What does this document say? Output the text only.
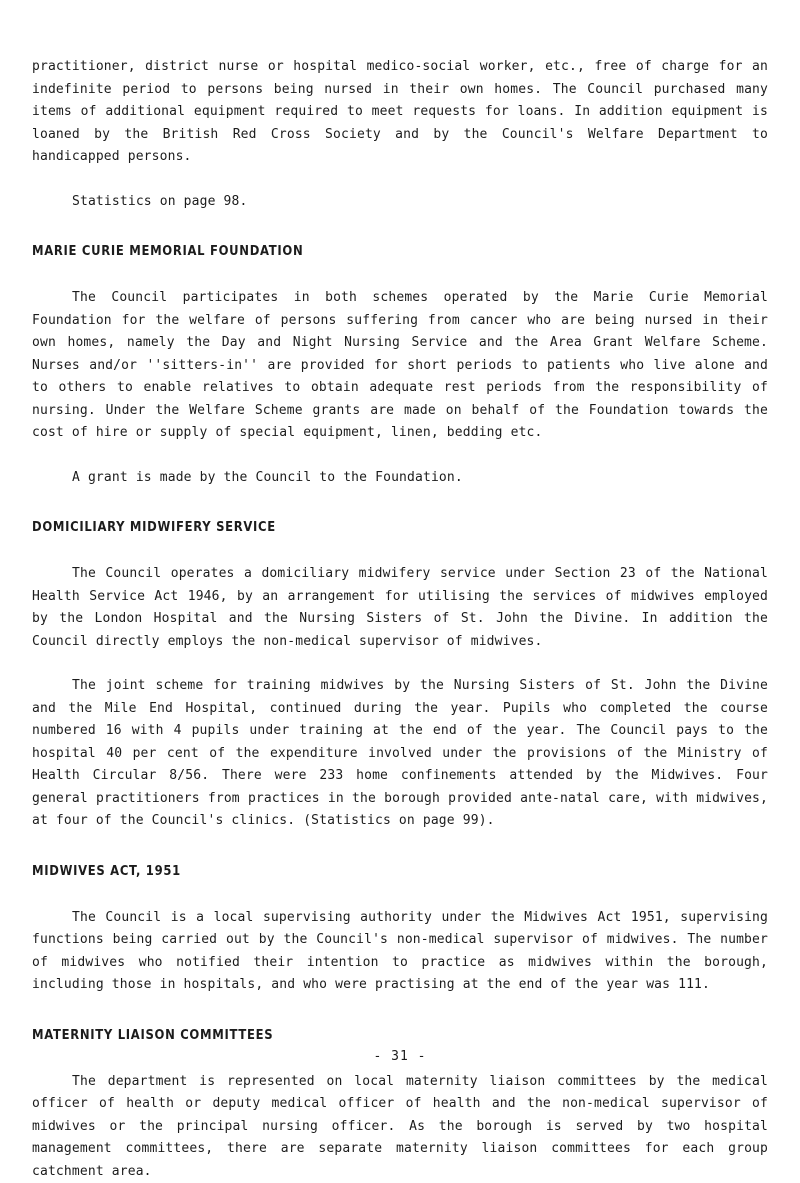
practitioner, district nurse or hospital medico-social worker, etc., free of charge for an indefinite period to persons being nursed in their own homes. The Council purchased many items of additional equipment required to meet requests for loans. In addition equipment is loaned by the British Red Cross Society and by the Council's Welfare Department to handicapped persons.

Statistics on page 98.

MARIE CURIE MEMORIAL FOUNDATION

The Council participates in both schemes operated by the Marie Curie Memorial Foundation for the welfare of persons suffering from cancer who are being nursed in their own homes, namely the Day and Night Nursing Service and the Area Grant Welfare Scheme. Nurses and/or ''sitters-in'' are provided for short periods to patients who live alone and to others to enable relatives to obtain adequate rest periods from the responsibility of nursing. Under the Welfare Scheme grants are made on behalf of the Foundation towards the cost of hire or supply of special equipment, linen, bedding etc.

A grant is made by the Council to the Foundation.

DOMICILIARY MIDWIFERY SERVICE

The Council operates a domiciliary midwifery service under Section 23 of the National Health Service Act 1946, by an arrangement for utilising the services of midwives employed by the London Hospital and the Nursing Sisters of St. John the Divine. In addition the Council directly employs the non-medical supervisor of midwives.

The joint scheme for training midwives by the Nursing Sisters of St. John the Divine and the Mile End Hospital, continued during the year. Pupils who completed the course numbered 16 with 4 pupils under training at the end of the year. The Council pays to the hospital 40 per cent of the expenditure involved under the provisions of the Ministry of Health Circular 8/56. There were 233 home confinements attended by the Midwives. Four general practitioners from practices in the borough provided ante-natal care, with midwives, at four of the Council's clinics. (Statistics on page 99).

MIDWIVES ACT, 1951

The Council is a local supervising authority under the Midwives Act 1951, supervising functions being carried out by the Council's non-medical supervisor of midwives. The number of midwives who notified their intention to practice as midwives within the borough, including those in hospitals, and who were practising at the end of the year was 111.

MATERNITY LIAISON COMMITTEES

The department is represented on local maternity liaison committees by the medical officer of health or deputy medical officer of health and the non-medical supervisor of midwives or the principal nursing officer. As the borough is served by two hospital management committees, there are separate maternity liaison committees for each group catchment area.

- 31 -
